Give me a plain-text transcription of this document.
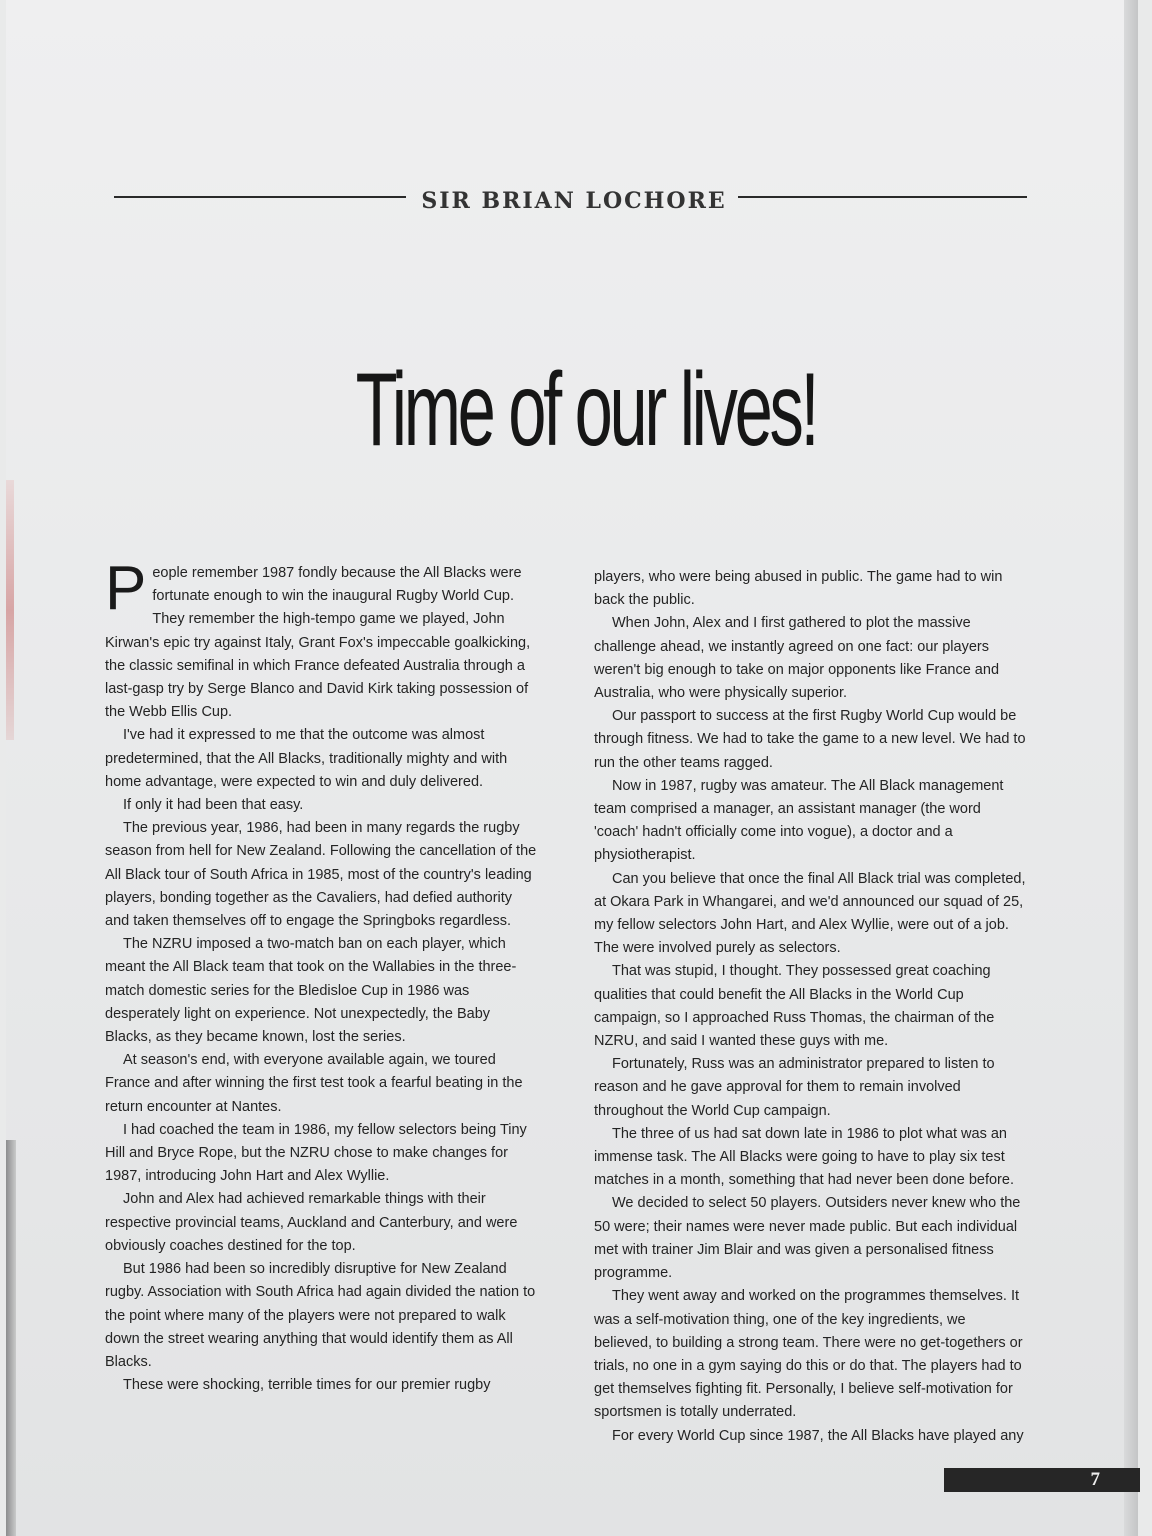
SIR BRIAN LOCHORE
Time of our lives!

People remember 1987 fondly because the All Blacks were fortunate enough to win the inaugural Rugby World Cup. They remember the high-tempo game we played, John Kirwan's epic try against Italy, Grant Fox's impeccable goalkicking, the classic semifinal in which France defeated Australia through a last-gasp try by Serge Blanco and David Kirk taking possession of the Webb Ellis Cup.

I've had it expressed to me that the outcome was almost predetermined, that the All Blacks, traditionally mighty and with home advantage, were expected to win and duly delivered.

If only it had been that easy.

The previous year, 1986, had been in many regards the rugby season from hell for New Zealand. Following the cancellation of the All Black tour of South Africa in 1985, most of the country's leading players, bonding together as the Cavaliers, had defied authority and taken themselves off to engage the Springboks regardless.

The NZRU imposed a two-match ban on each player, which meant the All Black team that took on the Wallabies in the three-match domestic series for the Bledisloe Cup in 1986 was desperately light on experience. Not unexpectedly, the Baby Blacks, as they became known, lost the series.

At season's end, with everyone available again, we toured France and after winning the first test took a fearful beating in the return encounter at Nantes.

I had coached the team in 1986, my fellow selectors being Tiny Hill and Bryce Rope, but the NZRU chose to make changes for 1987, introducing John Hart and Alex Wyllie.

John and Alex had achieved remarkable things with their respective provincial teams, Auckland and Canterbury, and were obviously coaches destined for the top.

But 1986 had been so incredibly disruptive for New Zealand rugby. Association with South Africa had again divided the nation to the point where many of the players were not prepared to walk down the street wearing anything that would identify them as All Blacks.

These were shocking, terrible times for our premier rugby

players, who were being abused in public. The game had to win back the public.

When John, Alex and I first gathered to plot the massive challenge ahead, we instantly agreed on one fact: our players weren't big enough to take on major opponents like France and Australia, who were physically superior.

Our passport to success at the first Rugby World Cup would be through fitness. We had to take the game to a new level. We had to run the other teams ragged.

Now in 1987, rugby was amateur. The All Black management team comprised a manager, an assistant manager (the word 'coach' hadn't officially come into vogue), a doctor and a physiotherapist.

Can you believe that once the final All Black trial was completed, at Okara Park in Whangarei, and we'd announced our squad of 25, my fellow selectors John Hart, and Alex Wyllie, were out of a job. The were involved purely as selectors.

That was stupid, I thought. They possessed great coaching qualities that could benefit the All Blacks in the World Cup campaign, so I approached Russ Thomas, the chairman of the NZRU, and said I wanted these guys with me.

Fortunately, Russ was an administrator prepared to listen to reason and he gave approval for them to remain involved throughout the World Cup campaign.

The three of us had sat down late in 1986 to plot what was an immense task. The All Blacks were going to have to play six test matches in a month, something that had never been done before.

We decided to select 50 players. Outsiders never knew who the 50 were; their names were never made public. But each individual met with trainer Jim Blair and was given a personalised fitness programme.

They went away and worked on the programmes themselves. It was a self-motivation thing, one of the key ingredients, we believed, to building a strong team. There were no get-togethers or trials, no one in a gym saying do this or do that. The players had to get themselves fighting fit. Personally, I believe self-motivation for sportsmen is totally underrated.

For every World Cup since 1987, the All Blacks have played any

7
